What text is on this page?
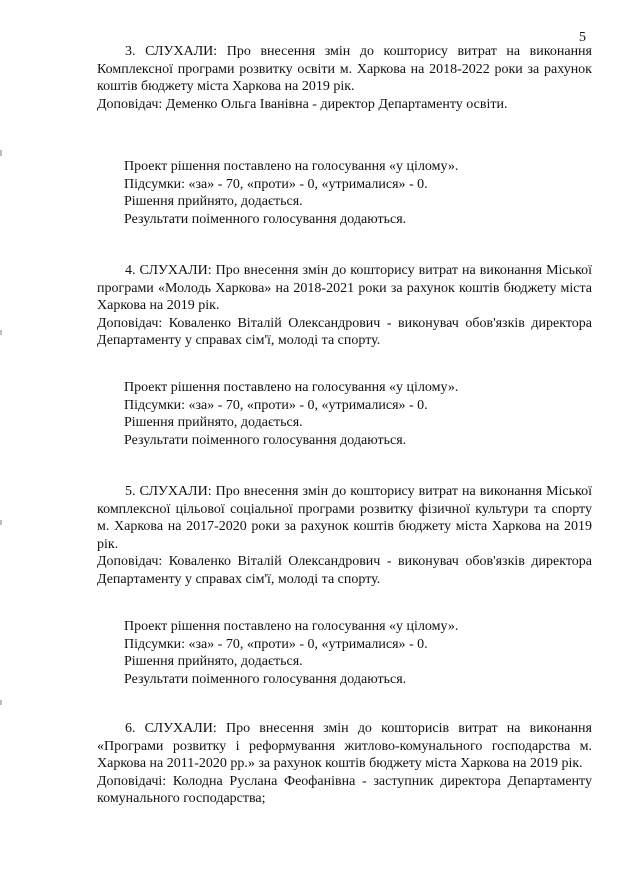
5

3. СЛУХАЛИ: Про внесення змін до кошторису витрат на виконання Комплексної програми розвитку освіти м. Харкова на 2018-2022 роки за рахунок коштів бюджету міста Харкова на 2019 рік.

Доповідач: Деменко Ольга Іванівна - директор Департаменту освіти.

Проект рішення поставлено на голосування «у цілому».
Підсумки: «за» - 70, «проти» - 0, «утрималися» - 0.
Рішення прийнято, додається.
Результати поіменного голосування додаються.

4. СЛУХАЛИ: Про внесення змін до кошторису витрат на виконання Міської програми «Молодь Харкова» на 2018-2021 роки за рахунок коштів бюджету міста Харкова на 2019 рік.

Доповідач: Коваленко Віталій Олександрович - виконувач обов'язків директора Департаменту у справах сім'ї, молоді та спорту.

Проект рішення поставлено на голосування «у цілому».
Підсумки: «за» - 70, «проти» - 0, «утрималися» - 0.
Рішення прийнято, додається.
Результати поіменного голосування додаються.

5. СЛУХАЛИ: Про внесення змін до кошторису витрат на виконання Міської комплексної цільової соціальної програми розвитку фізичної культури та спорту м. Харкова на 2017-2020 роки за рахунок коштів бюджету міста Харкова на 2019 рік.

Доповідач: Коваленко Віталій Олександрович - виконувач обов'язків директора Департаменту у справах сім'ї, молоді та спорту.

Проект рішення поставлено на голосування «у цілому».
Підсумки: «за» - 70, «проти» - 0, «утрималися» - 0.
Рішення прийнято, додається.
Результати поіменного голосування додаються.

6. СЛУХАЛИ: Про внесення змін до кошторисів витрат на виконання «Програми розвитку і реформування житлово-комунального господарства м. Харкова на 2011-2020 рр.» за рахунок коштів бюджету міста Харкова на 2019 рік.

Доповідачі: Колодна Руслана Феофанівна - заступник директора Департаменту комунального господарства;
